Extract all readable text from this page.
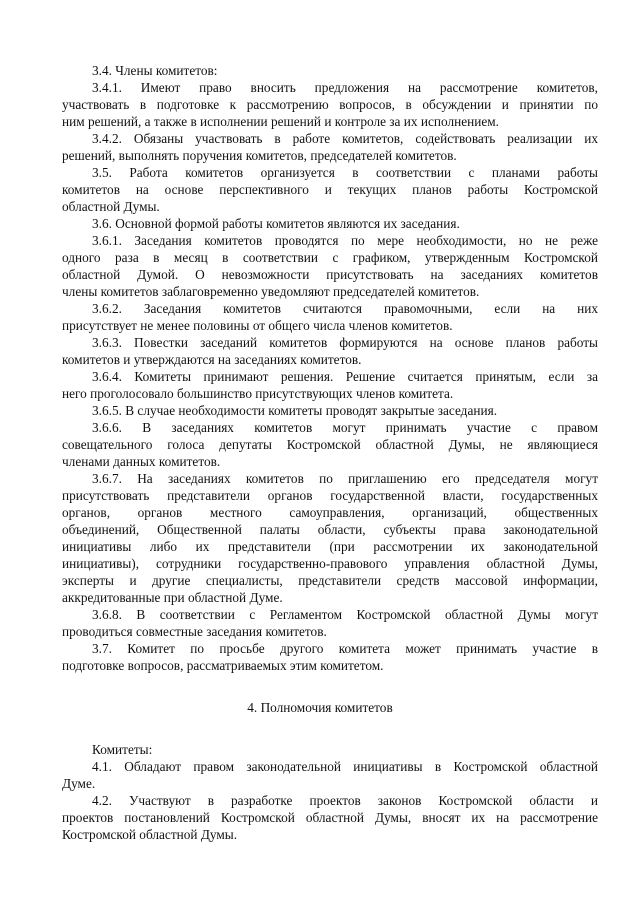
3.4. Члены комитетов:
3.4.1. Имеют право вносить предложения на рассмотрение комитетов,
участвовать в подготовке к рассмотрению вопросов, в обсуждении и принятии по
ним решений, а также в исполнении решений и контроле за их исполнением.
3.4.2. Обязаны участвовать в работе комитетов, содействовать реализации их
решений, выполнять поручения комитетов, председателей комитетов.
3.5. Работа комитетов организуется в соответствии с планами работы
комитетов на основе перспективного и текущих планов работы Костромской
областной Думы.
3.6. Основной формой работы комитетов являются их заседания.
3.6.1. Заседания комитетов проводятся по мере необходимости, но не реже
одного раза в месяц в соответствии с графиком, утвержденным Костромской
областной Думой. О невозможности присутствовать на заседаниях комитетов
члены комитетов заблаговременно уведомляют председателей комитетов.
3.6.2. Заседания комитетов считаются правомочными, если на них
присутствует не менее половины от общего числа членов комитетов.
3.6.3. Повестки заседаний комитетов формируются на основе планов работы
комитетов и утверждаются на заседаниях комитетов.
3.6.4. Комитеты принимают решения. Решение считается принятым, если за
него проголосовало большинство присутствующих членов комитета.
3.6.5. В случае необходимости комитеты проводят закрытые заседания.
3.6.6. В заседаниях комитетов могут принимать участие с правом
совещательного голоса депутаты Костромской областной Думы, не являющиеся
членами данных комитетов.
3.6.7. На заседаниях комитетов по приглашению его председателя могут
присутствовать представители органов государственной власти, государственных
органов, органов местного самоуправления, организаций, общественных
объединений, Общественной палаты области, субъекты права законодательной
инициативы либо их представители (при рассмотрении их законодательной
инициативы), сотрудники государственно-правового управления областной Думы,
эксперты и другие специалисты, представители средств массовой информации,
аккредитованные при областной Думе.
3.6.8. В соответствии с Регламентом Костромской областной Думы могут
проводиться совместные заседания комитетов.
3.7. Комитет по просьбе другого комитета может принимать участие в
подготовке вопросов, рассматриваемых этим комитетом.
4. Полномочия комитетов
Комитеты:
4.1. Обладают правом законодательной инициативы в Костромской областной
Думе.
4.2. Участвуют в разработке проектов законов Костромской области и
проектов постановлений Костромской областной Думы, вносят их на рассмотрение
Костромской областной Думы.
